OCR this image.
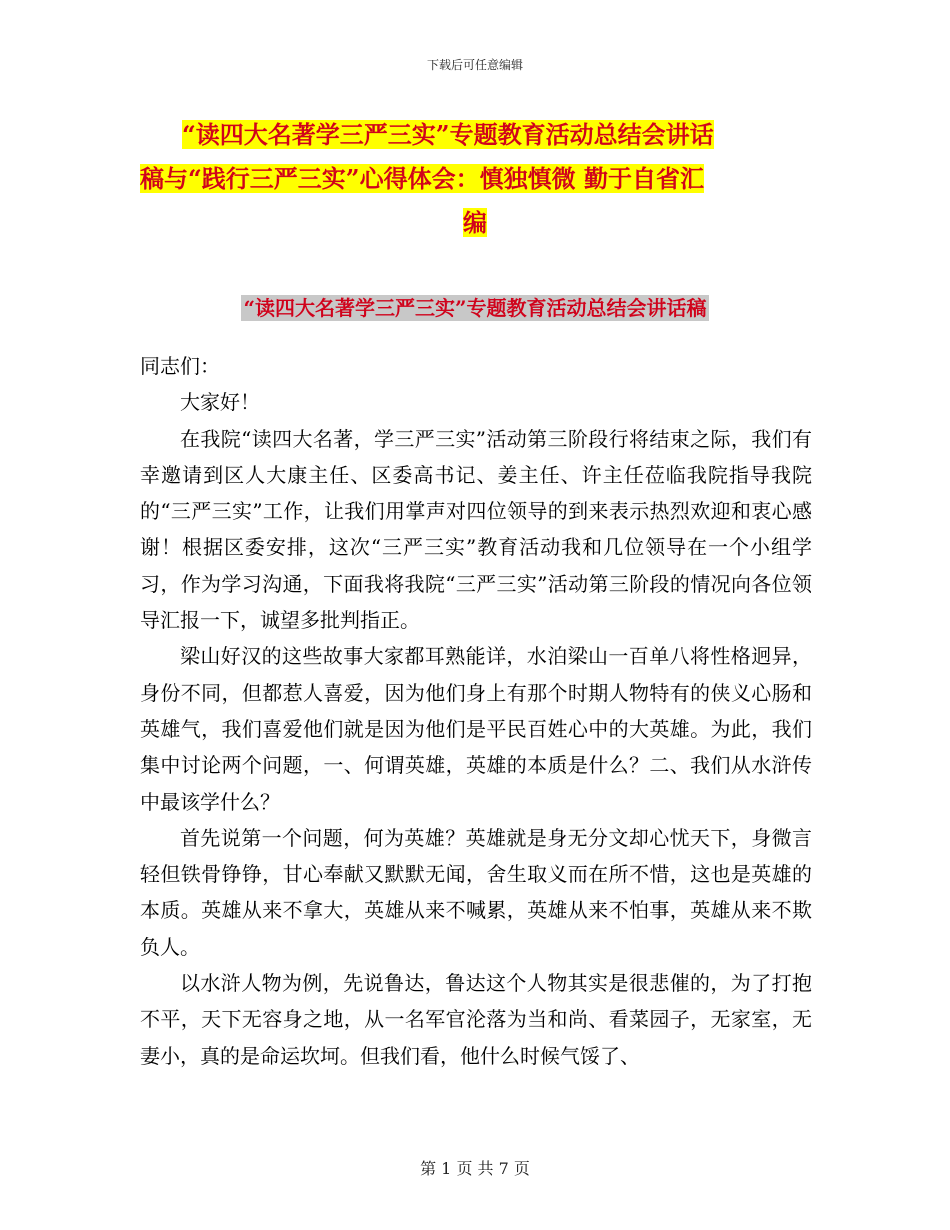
下载后可任意编辑
“读四大名著学三严三实”专题教育活动总结会讲话
稿与“践行三严三实”心得体会：慎独慎微 勤于自省汇
编
“读四大名著学三严三实”专题教育活动总结会讲话稿

同志们：

大家好！

在我院“读四大名著，学三严三实”活动第三阶段行将结束之际，我们有幸邀请到区人大康主任、区委高书记、姜主任、许主任莅临我院指导我院的“三严三实”工作，让我们用掌声对四位领导的到来表示热烈欢迎和衷心感谢！根据区委安排，这次“三严三实”教育活动我和几位领导在一个小组学习，作为学习沟通，下面我将我院“三严三实”活动第三阶段的情况向各位领导汇报一下，诚望多批判指正。

梁山好汉的这些故事大家都耳熟能详，水泊梁山一百单八将性格迥异，身份不同，但都惹人喜爱，因为他们身上有那个时期人物特有的侠义心肠和英雄气，我们喜爱他们就是因为他们是平民百姓心中的大英雄。为此，我们集中讨论两个问题，一、何谓英雄，英雄的本质是什么？二、我们从水浒传中最该学什么？

首先说第一个问题，何为英雄？英雄就是身无分文却心忧天下，身微言轻但铁骨铮铮，甘心奉献又默默无闻，舍生取义而在所不惜，这也是英雄的本质。英雄从来不拿大，英雄从来不喊累，英雄从来不怕事，英雄从来不欺负人。

以水浒人物为例，先说鲁达，鲁达这个人物其实是很悲催的，为了打抱不平，天下无容身之地，从一名军官沦落为当和尚、看菜园子，无家室，无妻小，真的是命运坎坷。但我们看，他什么时候气馁了、

第 1 页 共 7 页
